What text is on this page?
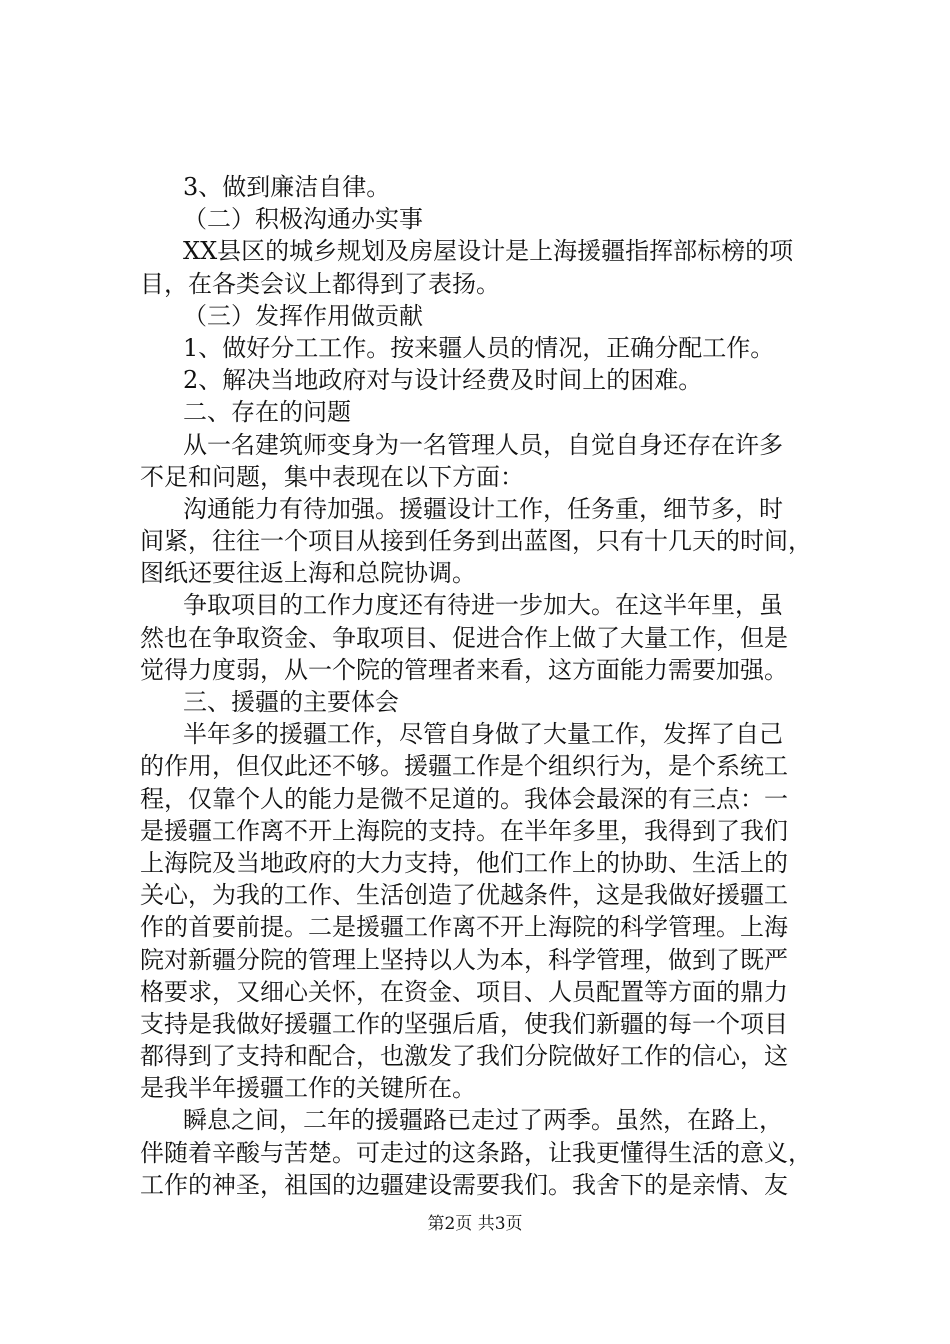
3、做到廉洁自律。
（二）积极沟通办实事
XX县区的城乡规划及房屋设计是上海援疆指挥部标榜的项
目，在各类会议上都得到了表扬。
（三）发挥作用做贡献
1、做好分工工作。按来疆人员的情况，正确分配工作。
2、解决当地政府对与设计经费及时间上的困难。
二、存在的问题
从一名建筑师变身为一名管理人员，自觉自身还存在许多
不足和问题，集中表现在以下方面：
沟通能力有待加强。援疆设计工作，任务重，细节多，时
间紧，往往一个项目从接到任务到出蓝图，只有十几天的时间，
图纸还要往返上海和总院协调。
争取项目的工作力度还有待进一步加大。在这半年里，虽
然也在争取资金、争取项目、促进合作上做了大量工作，但是
觉得力度弱，从一个院的管理者来看，这方面能力需要加强。
三、援疆的主要体会
半年多的援疆工作，尽管自身做了大量工作，发挥了自己
的作用，但仅此还不够。援疆工作是个组织行为，是个系统工
程，仅靠个人的能力是微不足道的。我体会最深的有三点：一
是援疆工作离不开上海院的支持。在半年多里，我得到了我们
上海院及当地政府的大力支持，他们工作上的协助、生活上的
关心，为我的工作、生活创造了优越条件，这是我做好援疆工
作的首要前提。二是援疆工作离不开上海院的科学管理。上海
院对新疆分院的管理上坚持以人为本，科学管理，做到了既严
格要求，又细心关怀，在资金、项目、人员配置等方面的鼎力
支持是我做好援疆工作的坚强后盾，使我们新疆的每一个项目
都得到了支持和配合，也激发了我们分院做好工作的信心，这
是我半年援疆工作的关键所在。
瞬息之间，二年的援疆路已走过了两季。虽然，在路上，
伴随着辛酸与苦楚。可走过的这条路，让我更懂得生活的意义，
工作的神圣，祖国的边疆建设需要我们。我舍下的是亲情、友
第2页 共3页
